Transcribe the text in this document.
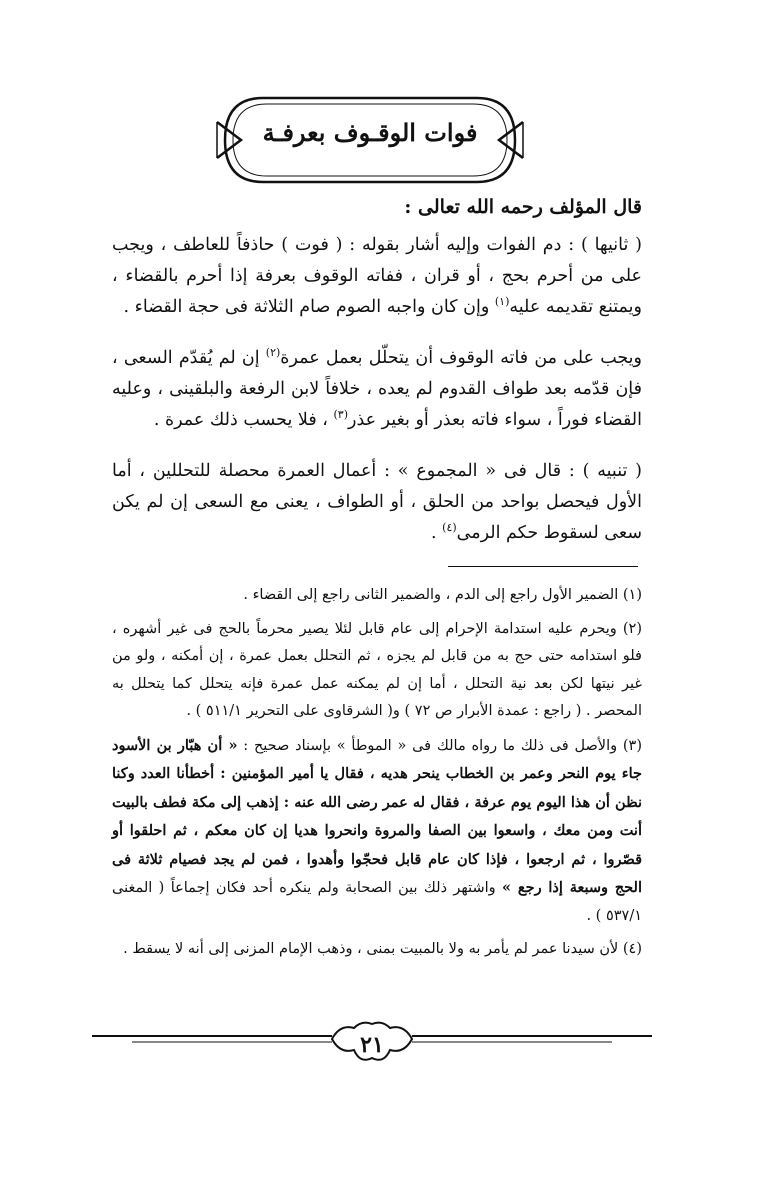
فوات الوقـوف بعرفـة
قال المؤلف رحمه الله تعالى :
( ثانيها ) : دم الفوات وإليه أشار بقوله : ( فوت ) حاذفاً للعاطف ، ويجب على من أحرم بحج ، أو قران ، ففاته الوقوف بعرفة إذا أحرم بالقضاء ، ويمتنع تقديمه عليه$^{(١)}$ وإن كان واجبه الصوم صام الثلاثة فى حجة القضاء .
ويجب على من فاته الوقوف أن يتحلّل بعمل عمرة$^{(٢)}$ إن لم يُقدّم السعى ، فإن قدّمه بعد طواف القدوم لم يعده ، خلافاً لابن الرفعة والبلقينى ، وعليه القضاء فوراً ، سواء فاته بعذر أو بغير عذر$^{(٣)}$ ، فلا يحسب ذلك عمرة .
( تنبيه ) : قال فى « المجموع » : أعمال العمرة محصلة للتحللين ، أما الأول فيحصل بواحد من الحلق ، أو الطواف ، يعنى مع السعى إن لم يكن سعى لسقوط حكم الرمى$^{(٤)}$ .
(١) الضمير الأول راجع إلى الدم ، والضمير الثانى راجع إلى القضاء .
(٢) ويحرم عليه استدامة الإحرام إلى عام قابل لئلا يصير محرماً بالحج فى غير أشهره ، فلو استدامه حتى حج به من قابل لم يجزه ، ثم التحلل بعمل عمرة ، إن أمكنه ، ولو من غير نيتها لكن بعد نية التحلل ، أما إن لم يمكنه عمل عمرة فإنه يتحلل كما يتحلل به المحصر . ( راجع : عمدة الأبرار ص ٧٢ ) و( الشرقاوى على التحرير ٥١١/١ ) .
(٣) والأصل فى ذلك ما رواه مالك فى « الموطأ » بإسناد صحيح : « أن هبّار بن الأسود جاء يوم النحر وعمر بن الخطاب ينحر هديه ، فقال يا أمير المؤمنين : أخطأنا العدد وكنا نظن أن هذا اليوم يوم عرفة ، فقال له عمر رضى الله عنه : إذهب إلى مكة فطف بالبيت أنت ومن معك ، واسعوا بين الصفا والمروة وانحروا هديا إن كان معكم ، ثم احلقوا أو قصّروا ، ثم ارجعوا ، فإذا كان عام قابل فحجّوا وأهدوا ، فمن لم يجد فصيام ثلاثة فى الحج وسبعة إذا رجع » واشتهر ذلك بين الصحابة ولم ينكره أحد فكان إجماعاً ( المغنى ٥٣٧/١ ) .
(٤) لأن سيدنا عمر لم يأمر به ولا بالمبيت بمنى ، وذهب الإمام المزنى إلى أنه لا يسقط .
٢١
